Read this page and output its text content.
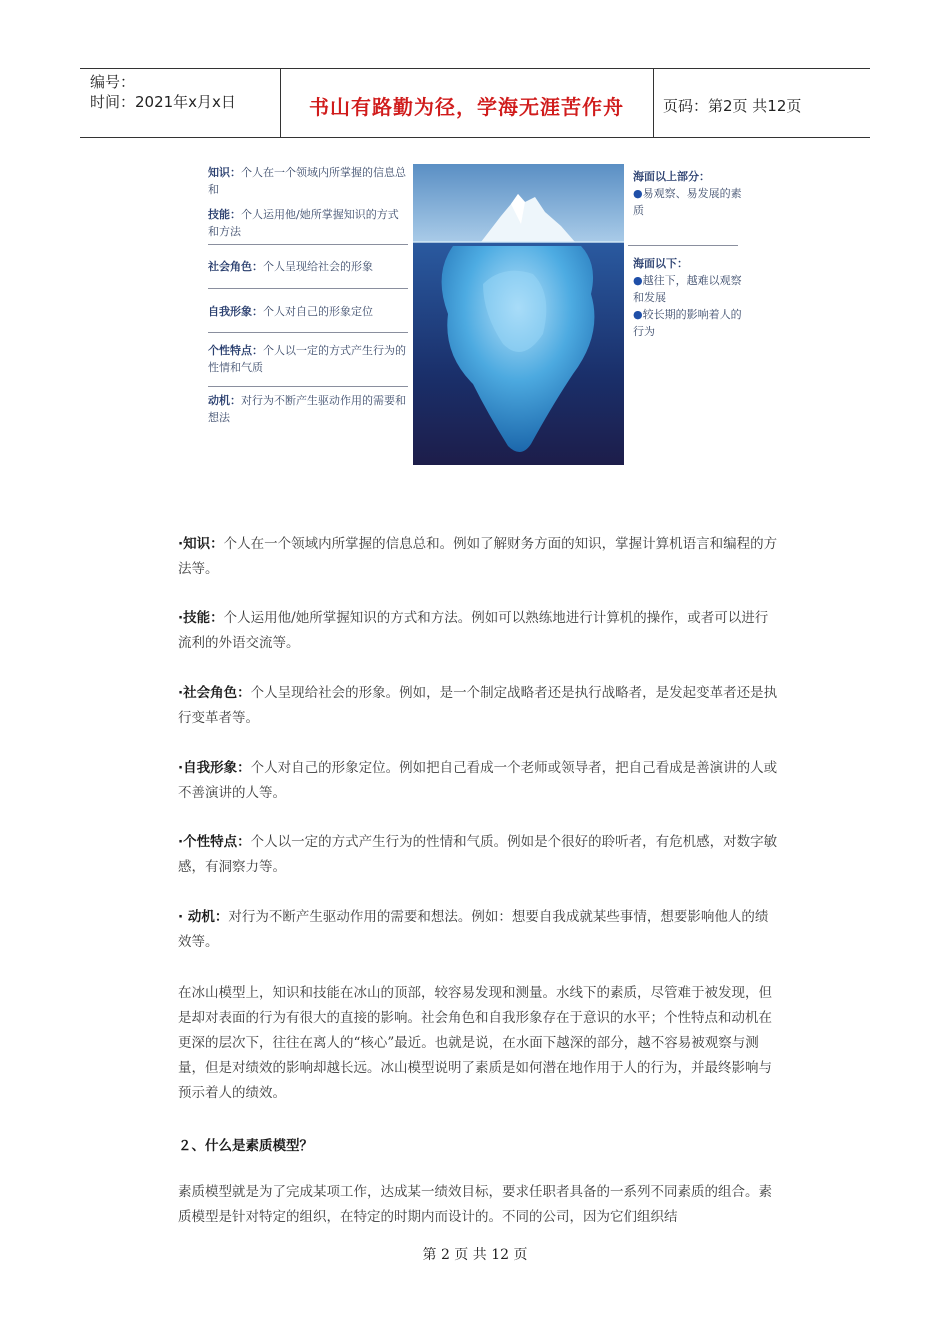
编号：
时间：2021年x月x日	书山有路勤为径，学海无涯苦作舟	页码：第2页 共12页
知识：个人在一个领域内所掌握的信息总和
技能：个人运用他/她所掌握知识的方式和方法
社会角色：个人呈现给社会的形象
自我形象：个人对自己的形象定位
个性特点：个人以一定的方式产生行为的性情和气质
动机：对行为不断产生驱动作用的需要和想法
海面以上部分：
●易观察、易发展的素质
海面以下：
●越往下，越难以观察和发展
●较长期的影响着人的行为
·知识：个人在一个领域内所掌握的信息总和。例如了解财务方面的知识，掌握计算机语言和编程的方法等。
·技能：个人运用他/她所掌握知识的方式和方法。例如可以熟练地进行计算机的操作，或者可以进行流利的外语交流等。
·社会角色：个人呈现给社会的形象。例如，是一个制定战略者还是执行战略者，是发起变革者还是执行变革者等。
·自我形象：个人对自己的形象定位。例如把自己看成一个老师或领导者，把自己看成是善演讲的人或不善演讲的人等。
·个性特点：个人以一定的方式产生行为的性情和气质。例如是个很好的聆听者，有危机感，对数字敏感，有洞察力等。
· 动机：对行为不断产生驱动作用的需要和想法。例如：想要自我成就某些事情，想要影响他人的绩效等。
在冰山模型上，知识和技能在冰山的顶部，较容易发现和测量。水线下的素质，尽管难于被发现，但是却对表面的行为有很大的直接的影响。社会角色和自我形象存在于意识的水平；个性特点和动机在更深的层次下，往往在离人的“核心”最近。也就是说，在水面下越深的部分，越不容易被观察与测量，但是对绩效的影响却越长远。冰山模型说明了素质是如何潜在地作用于人的行为，并最终影响与预示着人的绩效。
２、什么是素质模型？
素质模型就是为了完成某项工作，达成某一绩效目标，要求任职者具备的一系列不同素质的组合。素质模型是针对特定的组织，在特定的时期内而设计的。不同的公司，因为它们组织结
第 2 页 共 12 页
